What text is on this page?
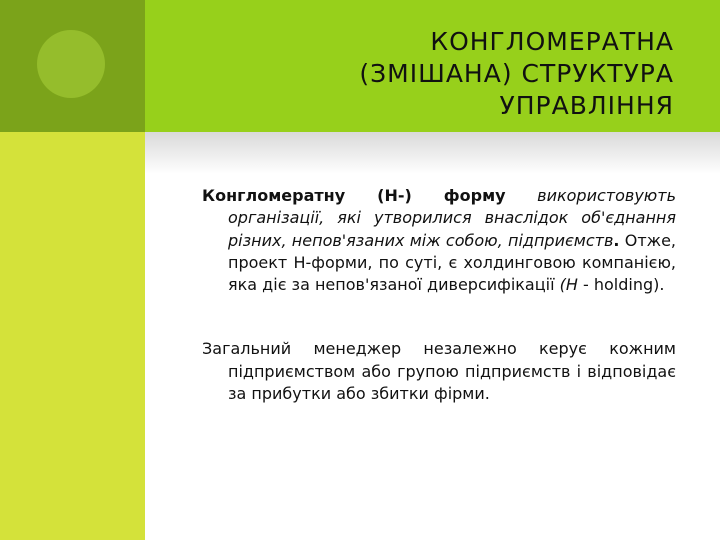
КОНГЛОМЕРАТНА
(ЗМІШАНА) СТРУКТУРА
УПРАВЛІННЯ

Конгломератну (Н-) форму використовують організації, які утворилися внаслідок об'єднання різних, непов'язаних між собою, підприємств. Отже, проект Н-форми, по суті, є холдинговою компанією, яка діє за непов'язаної диверсифікації (Н - holding).

Загальний менеджер незалежно керує кожним підприємством або групою підприємств і відповідає за прибутки або збитки фірми.
